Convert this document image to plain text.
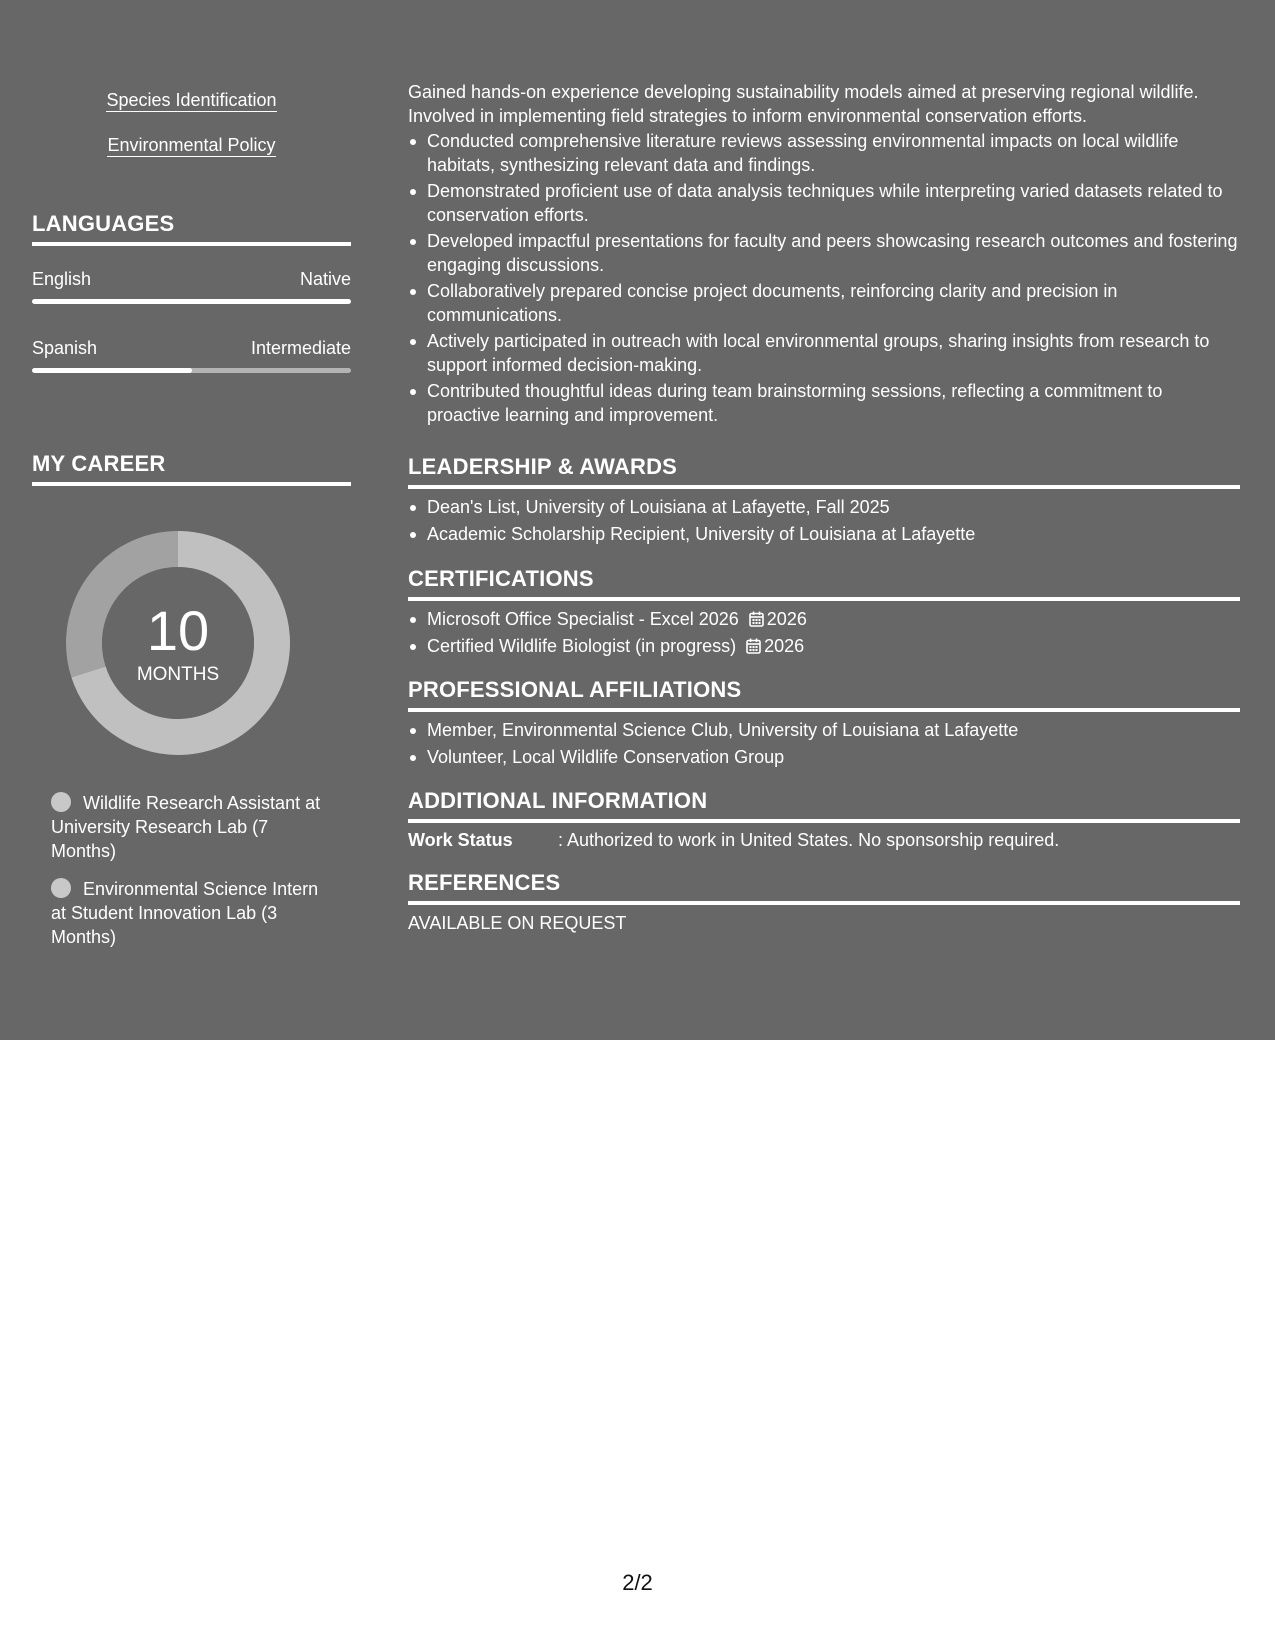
Species Identification
Environmental Policy
LANGUAGES
English	Native
Spanish	Intermediate
MY CAREER
10
MONTHS
Wildlife Research Assistant at University Research Lab (7 Months)
Environmental Science Intern at Student Innovation Lab (3 Months)
Gained hands-on experience developing sustainability models aimed at preserving regional wildlife. Involved in implementing field strategies to inform environmental conservation efforts.
Conducted comprehensive literature reviews assessing environmental impacts on local wildlife habitats, synthesizing relevant data and findings.
Demonstrated proficient use of data analysis techniques while interpreting varied datasets related to conservation efforts.
Developed impactful presentations for faculty and peers showcasing research outcomes and fostering engaging discussions.
Collaboratively prepared concise project documents, reinforcing clarity and precision in communications.
Actively participated in outreach with local environmental groups, sharing insights from research to support informed decision-making.
Contributed thoughtful ideas during team brainstorming sessions, reflecting a commitment to proactive learning and improvement.
LEADERSHIP & AWARDS
Dean's List, University of Louisiana at Lafayette, Fall 2025
Academic Scholarship Recipient, University of Louisiana at Lafayette
CERTIFICATIONS
Microsoft Office Specialist - Excel 2026 2026
Certified Wildlife Biologist (in progress) 2026
PROFESSIONAL AFFILIATIONS
Member, Environmental Science Club, University of Louisiana at Lafayette
Volunteer, Local Wildlife Conservation Group
ADDITIONAL INFORMATION
Work Status	: Authorized to work in United States. No sponsorship required.
REFERENCES
AVAILABLE ON REQUEST
2/2
